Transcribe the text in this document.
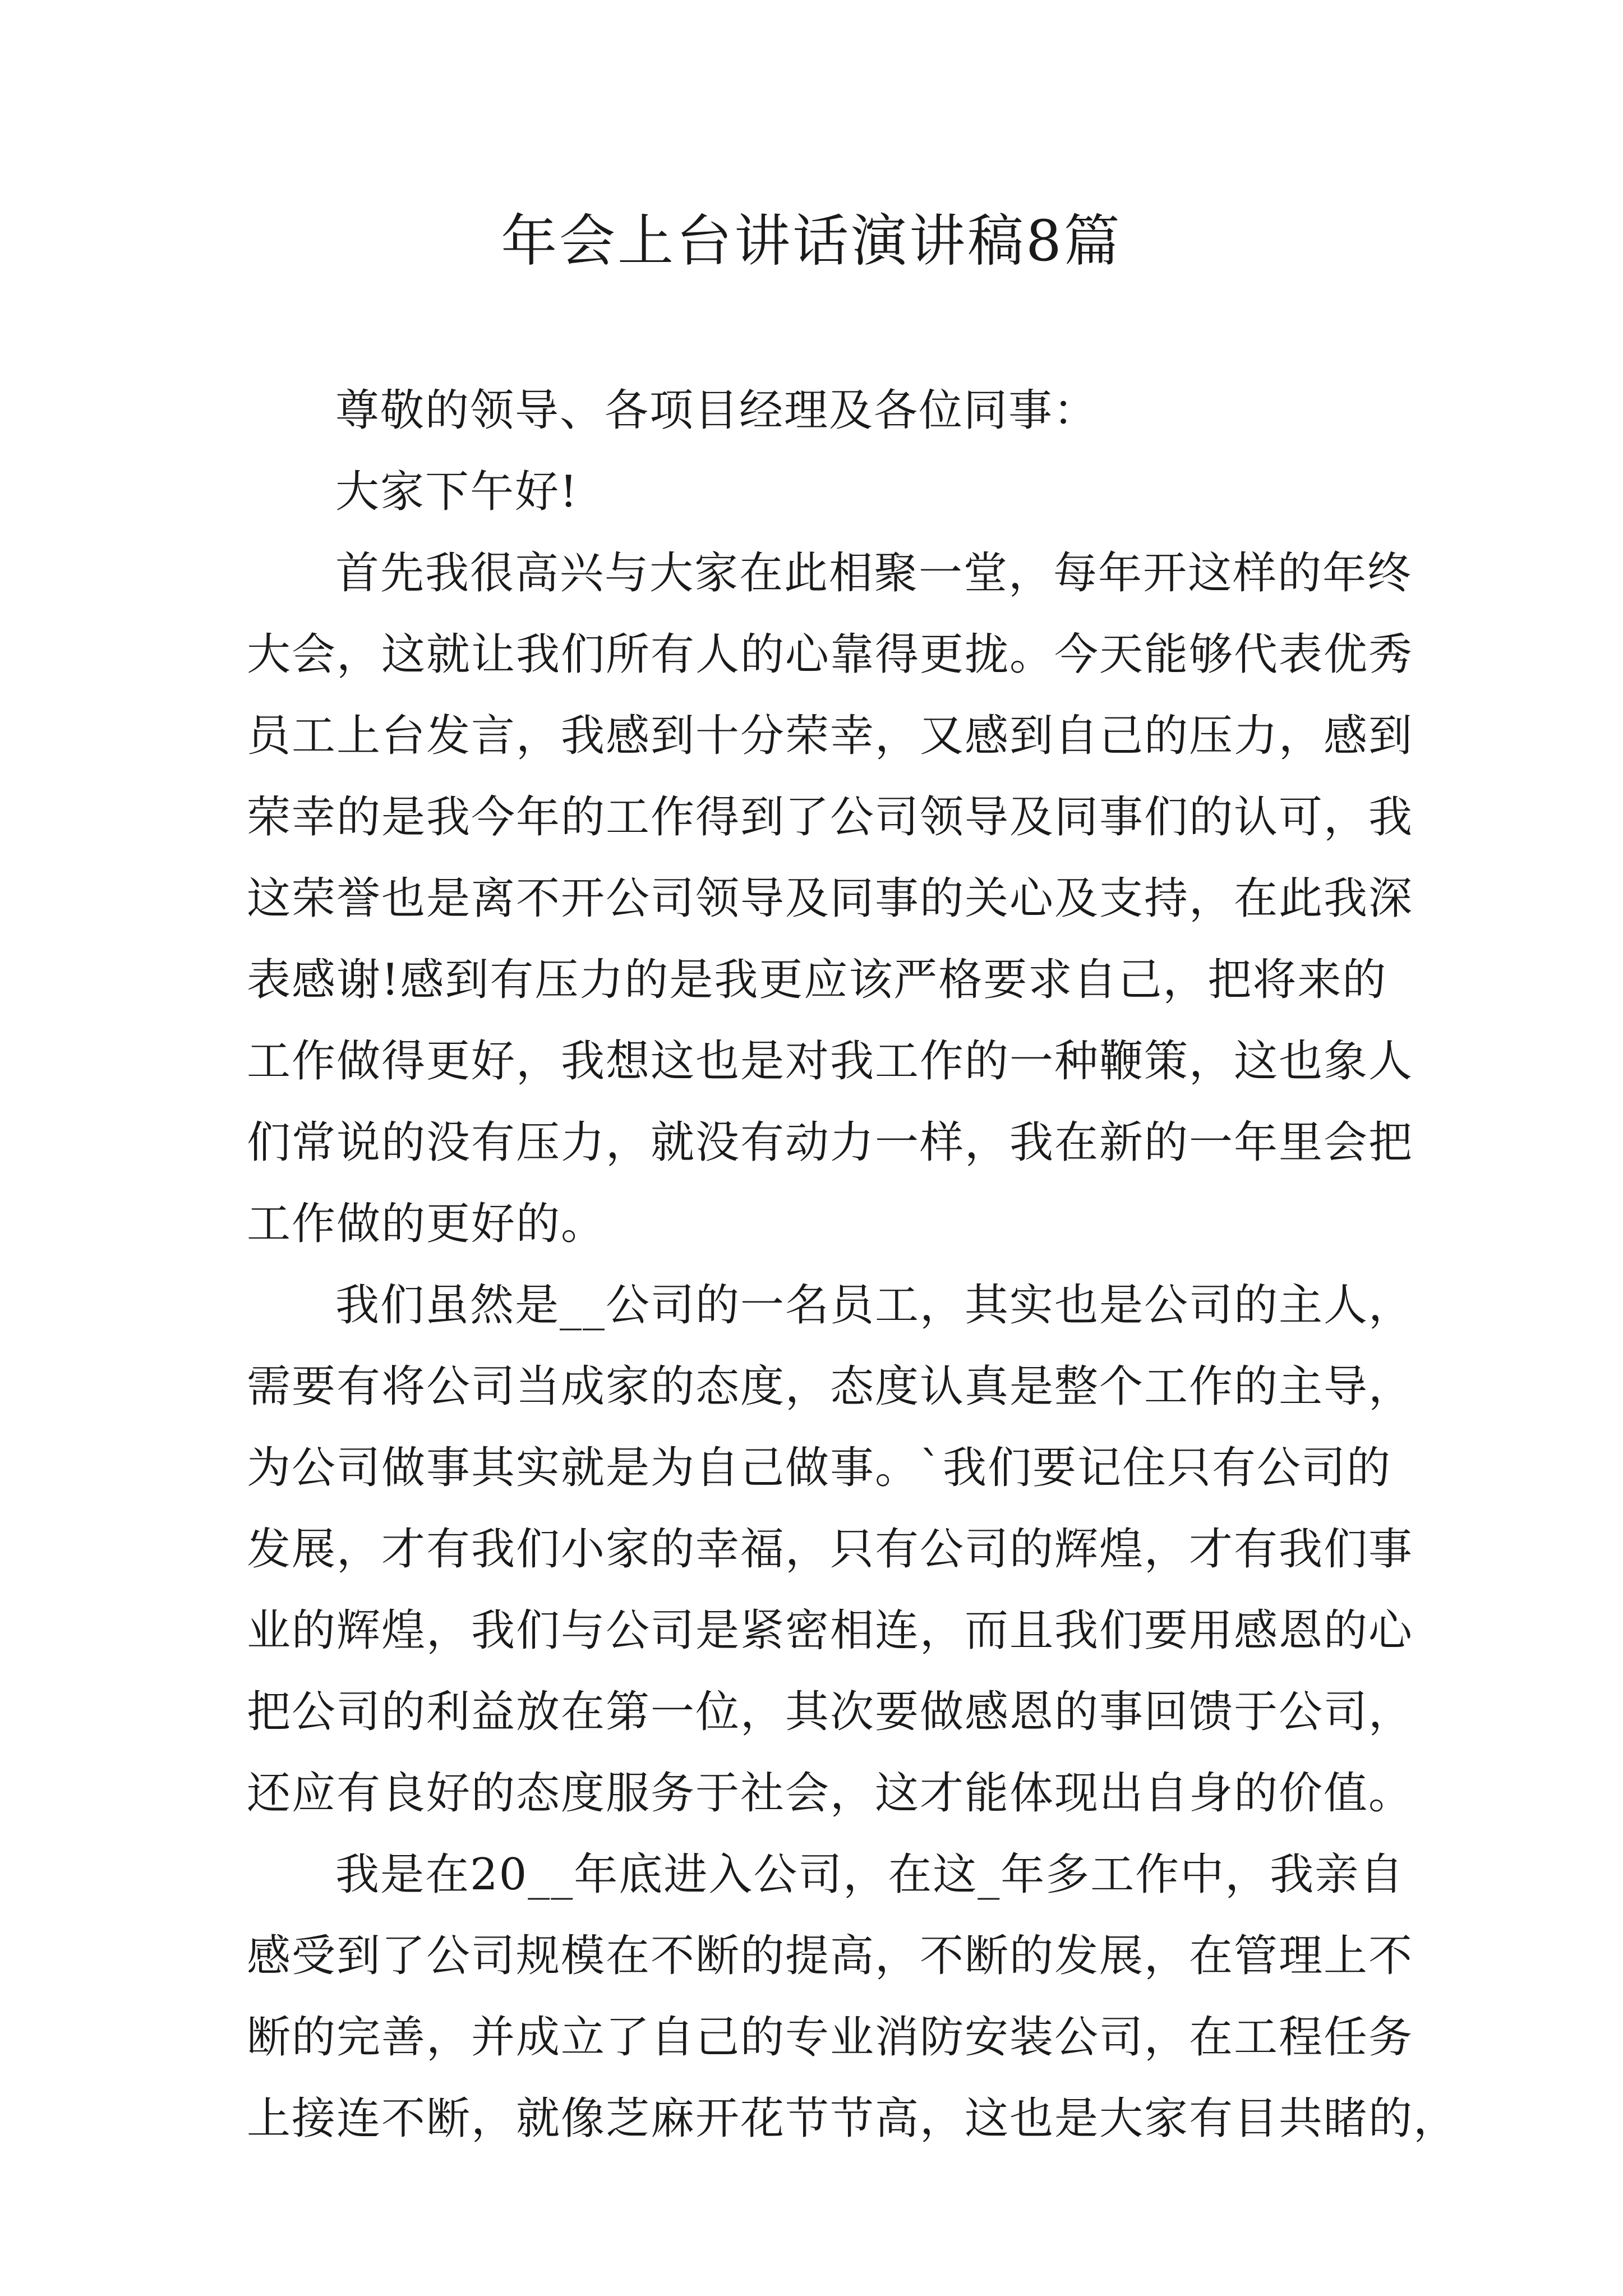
年会上台讲话演讲稿8篇
尊敬的领导、各项目经理及各位同事：
大家下午好!
首先我很高兴与大家在此相聚一堂，每年开这样的年终
大会，这就让我们所有人的心靠得更拢。今天能够代表优秀
员工上台发言，我感到十分荣幸，又感到自己的压力，感到
荣幸的是我今年的工作得到了公司领导及同事们的认可，我
这荣誉也是离不开公司领导及同事的关心及支持，在此我深
表感谢!感到有压力的是我更应该严格要求自己，把将来的
工作做得更好，我想这也是对我工作的一种鞭策，这也象人
们常说的没有压力，就没有动力一样，我在新的一年里会把
工作做的更好的。
我们虽然是__公司的一名员工，其实也是公司的主人，
需要有将公司当成家的态度，态度认真是整个工作的主导，
为公司做事其实就是为自己做事。`我们要记住只有公司的
发展，才有我们小家的幸福，只有公司的辉煌，才有我们事
业的辉煌，我们与公司是紧密相连，而且我们要用感恩的心
把公司的利益放在第一位，其次要做感恩的事回馈于公司，
还应有良好的态度服务于社会，这才能体现出自身的价值。
我是在20__年底进入公司，在这_年多工作中，我亲自
感受到了公司规模在不断的提高，不断的发展，在管理上不
断的完善，并成立了自己的专业消防安装公司，在工程任务
上接连不断，就像芝麻开花节节高，这也是大家有目共睹的，
